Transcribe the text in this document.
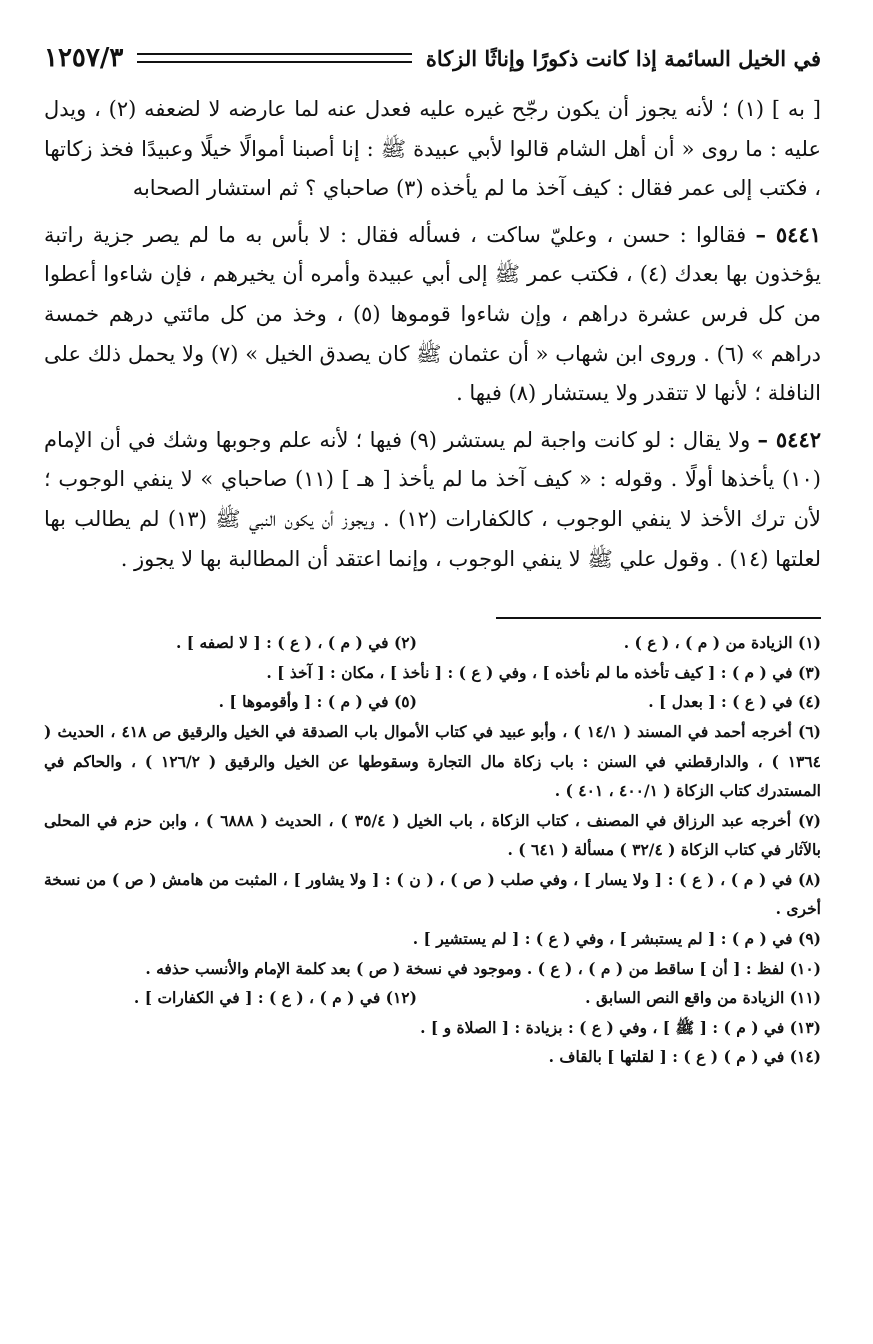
في الخيل السائمة إذا كانت ذكورًا وإناثًا الزكاة
١٢٥٧/٣

[ به ] (١) ؛ لأنه يجوز أن يكون رجّح غيره عليه فعدل عنه لما عارضه لا لضعفه (٢) ، ويدل عليه : ما روى « أن أهل الشام قالوا لأبي عبيدة ﷺ : إنا أصبنا أموالًا خيلًا وعبيدًا فخذ زكاتها ، فكتب إلى عمر فقال : كيف آخذ ما لم يأخذه (٣) صاحباي ؟ ثم استشار الصحابه

٥٤٤١ – فقالوا : حسن ، وعليّ ساكت ، فسأله فقال : لا بأس به ما لم يصر جزية راتبة يؤخذون بها بعدك (٤) ، فكتب عمر ﷺ إلى أبي عبيدة وأمره أن يخيرهم ، فإن شاءوا أعطوا من كل فرس عشرة دراهم ، وإن شاءوا قوموها (٥) ، وخذ من كل مائتي درهم خمسة دراهم » (٦) . وروى ابن شهاب « أن عثمان ﷺ كان يصدق الخيل » (٧) ولا يحمل ذلك على النافلة ؛ لأنها لا تتقدر ولا يستشار (٨) فيها .

٥٤٤٢ – ولا يقال : لو كانت واجبة لم يستشر (٩) فيها ؛ لأنه علم وجوبها وشك في أن الإمام (١٠) يأخذها أولًا . وقوله : « كيف آخذ ما لم يأخذ [ هـ ] (١١) صاحباي » لا ينفي الوجوب ؛ لأن ترك الأخذ لا ينفي الوجوب ، كالكفارات (١٢) . ويجوز أن يكون النبي ﷺ (١٣) لم يطالب بها لعلتها (١٤) . وقول علي ﷺ لا ينفي الوجوب ، وإنما اعتقد أن المطالبة بها لا يجوز .

(١) الزيادة من ( م ) ، ( ع ) .

(٢) في ( م ) ، ( ع ) : [ لا لصفه ] .

(٣) في ( م ) : [ كيف تأخذه ما لم نأخذه ] ، وفي ( ع ) : [ نأخذ ] ، مكان : [ آخذ ] .

(٤) في ( ع ) : [ بعدل ] .

(٥) في ( م ) : [ وأقوموها ] .

(٦) أخرجه أحمد في المسند ( ١٤/١ ) ، وأبو عبيد في كتاب الأموال باب الصدقة في الخيل والرقيق ص ٤١٨ ، الحديث ( ١٣٦٤ ) ، والدارقطني في السنن : باب زكاة مال التجارة وسقوطها عن الخيل والرقيق ( ١٢٦/٢ ) ، والحاكم في المستدرك كتاب الزكاة ( ٤٠٠/١ ، ٤٠١ ) .

(٧) أخرجه عبد الرزاق في المصنف ، كتاب الزكاة ، باب الخيل ( ٣٥/٤ ) ، الحديث ( ٦٨٨٨ ) ، وابن حزم في المحلى بالآثار في كتاب الزكاة ( ٣٢/٤ ) مسألة ( ٦٤١ ) .

(٨) في ( م ) ، ( ع ) : [ ولا يسار ] ، وفي صلب ( ص ) ، ( ن ) : [ ولا يشاور ] ، المثبت من هامش ( ص ) من نسخة أخرى .

(٩) في ( م ) : [ لم يستبشر ] ، وفي ( ع ) : [ لم يستشير ] .

(١٠) لفظ : [ أن ] ساقط من ( م ) ، ( ع ) . وموجود في نسخة ( ص ) بعد كلمة الإمام والأنسب حذفه .

(١١) الزيادة من واقع النص السابق .

(١٢) في ( م ) ، ( ع ) : [ في الكفارات ] .

(١٣) في ( م ) : [ ﷺ ] ، وفي ( ع ) : بزيادة : [ الصلاة و ] .

(١٤) في ( م ) ( ع ) : [ لقلتها ] بالقاف .
